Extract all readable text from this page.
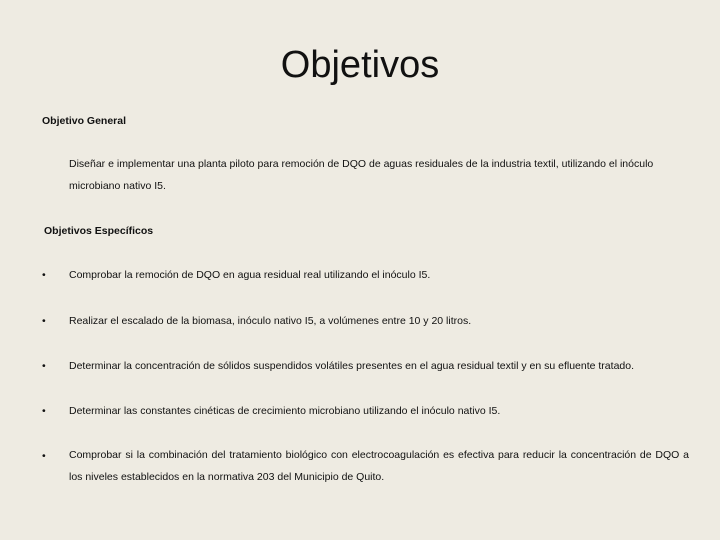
Objetivos
Objetivo General

Diseñar e implementar una planta piloto para remoción de DQO de aguas residuales de la industria textil, utilizando el inóculo microbiano nativo I5.

Objetivos Específicos
• Comprobar la remoción de DQO en agua residual real utilizando el inóculo I5.
• Realizar el escalado de la biomasa, inóculo nativo I5, a volúmenes entre 10 y 20 litros.
• Determinar la concentración de sólidos suspendidos volátiles presentes en el agua residual textil y en su efluente tratado.
• Determinar las constantes cinéticas de crecimiento microbiano utilizando el inóculo nativo I5.
• Comprobar si la combinación del tratamiento biológico con electrocoagulación es efectiva para reducir la concentración de DQO a los niveles establecidos en la normativa 203 del Municipio de Quito.
